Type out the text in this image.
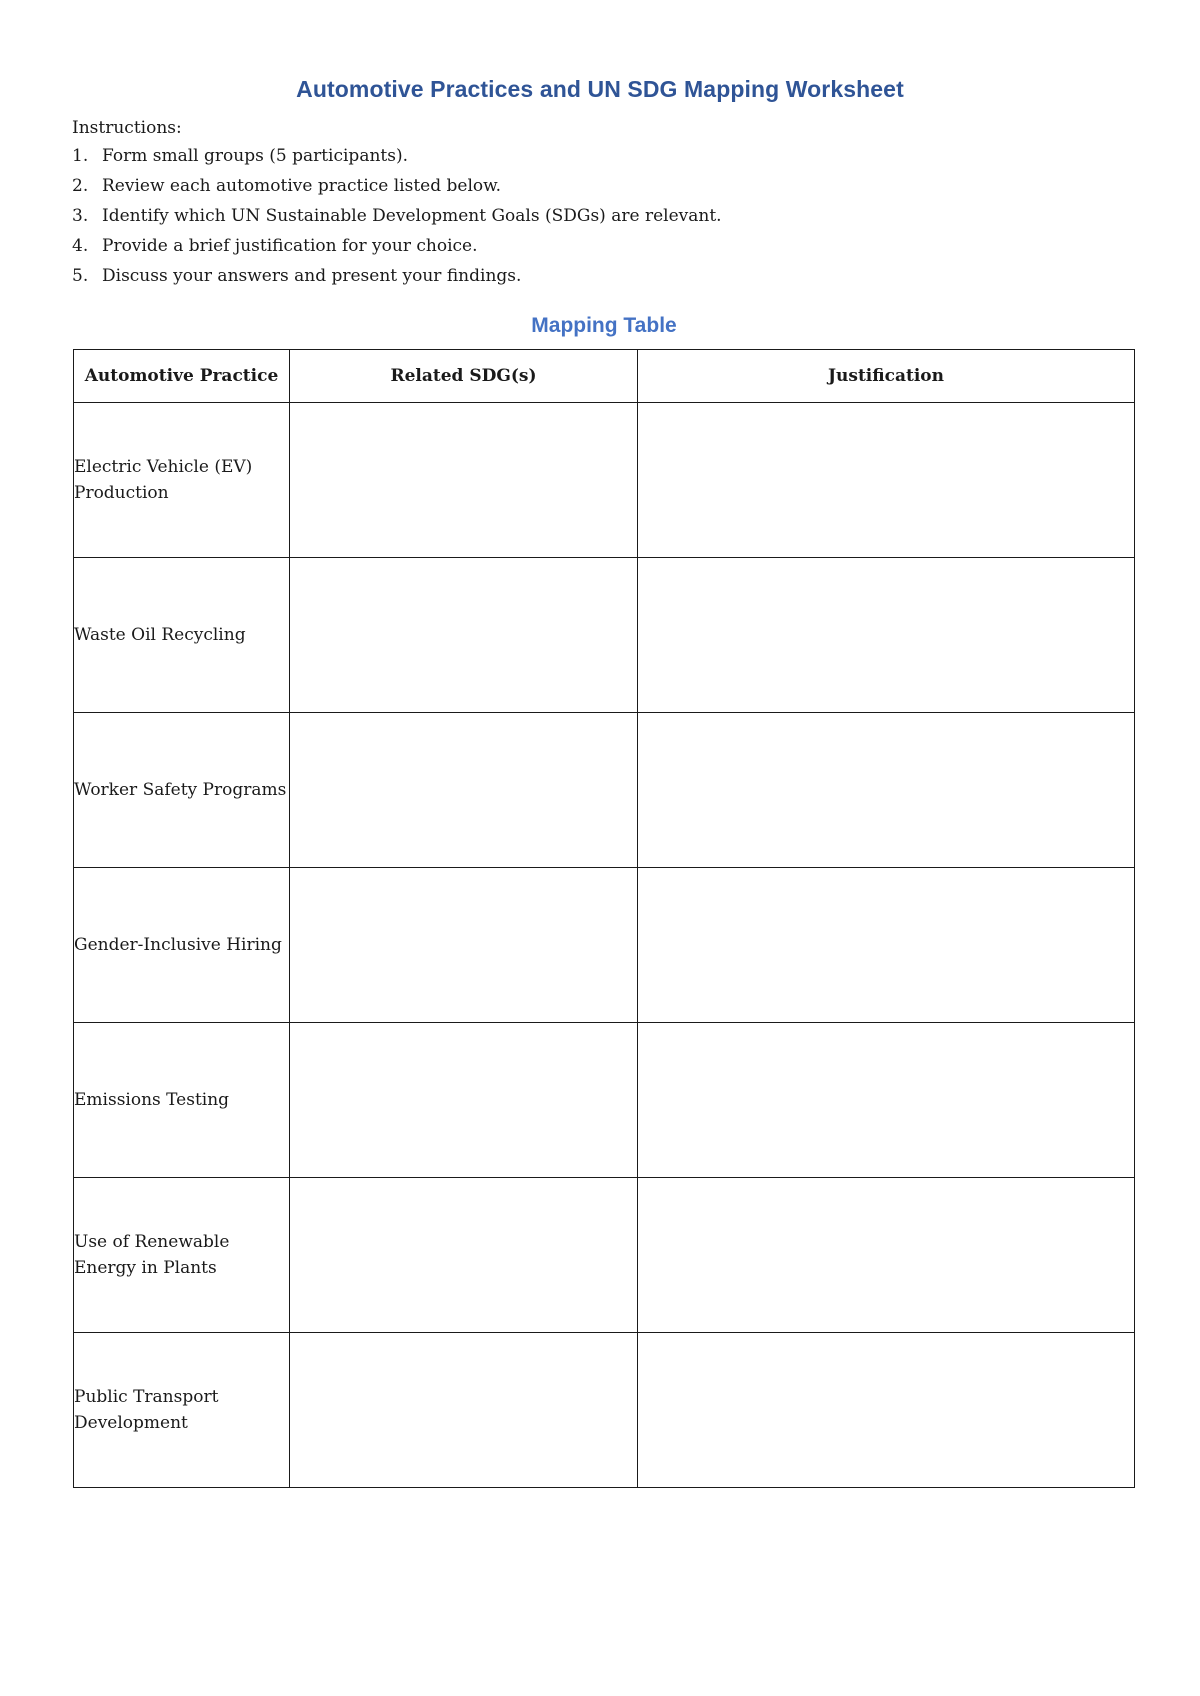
Automotive Practices and UN SDG Mapping Worksheet

Instructions:

1. Form small groups (5 participants).
2. Review each automotive practice listed below.
3. Identify which UN Sustainable Development Goals (SDGs) are relevant.
4. Provide a brief justification for your choice.
5. Discuss your answers and present your findings.
Mapping Table
Automotive Practice	Related SDG(s)	Justification
Electric Vehicle (EV) Production		
Waste Oil Recycling		
Worker Safety Programs		
Gender-Inclusive Hiring		
Emissions Testing		
Use of Renewable Energy in Plants		
Public Transport Development		
